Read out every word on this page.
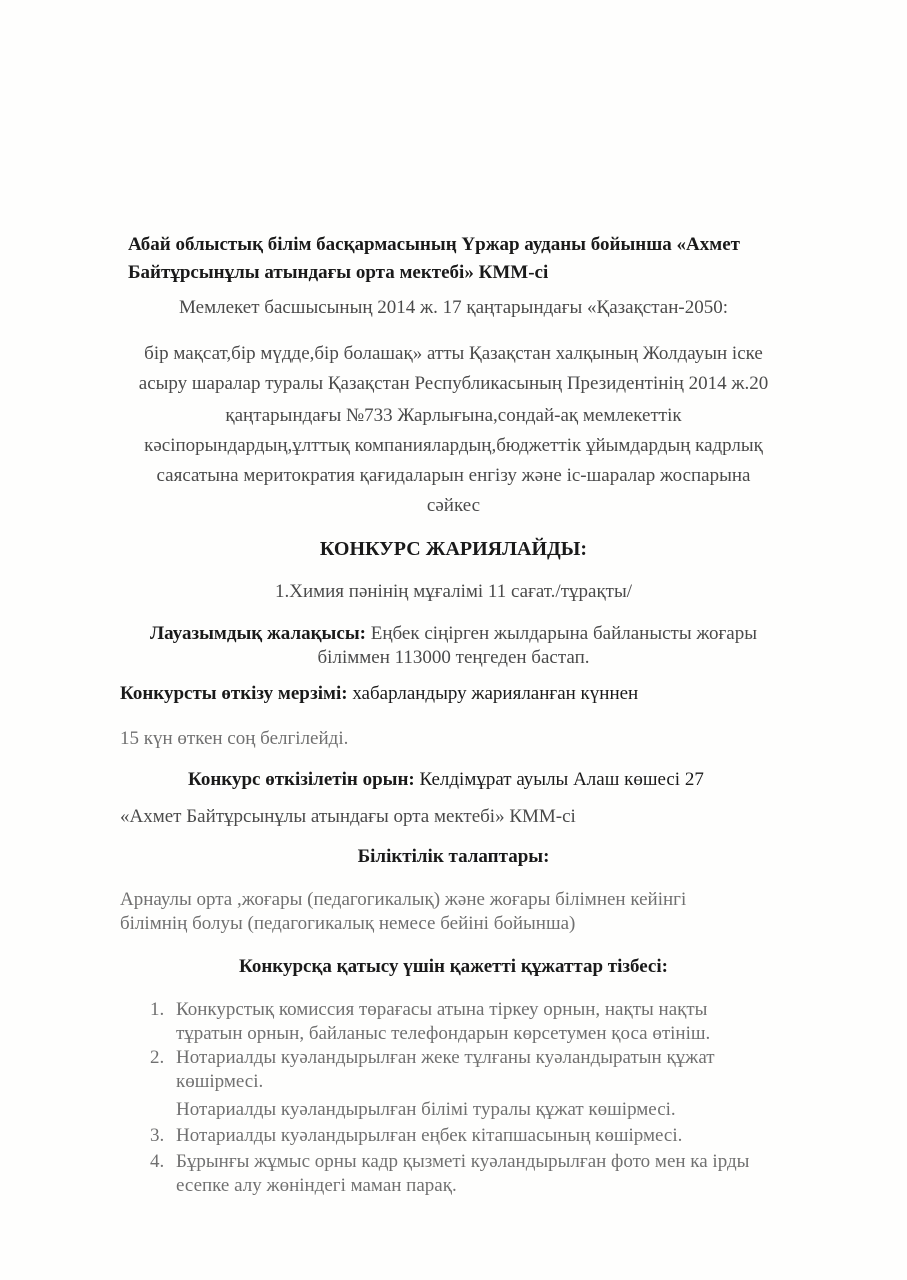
Абай облыстық білім басқармасының Үржар ауданы бойынша «Ахмет
Байтұрсынұлы атындағы орта мектебі» КММ-сі
Мемлекет басшысының 2014 ж. 17 қаңтарындағы «Қазақстан-2050:
бір мақсат,бір мүдде,бір болашақ» атты Қазақстан халқының Жолдауын іске
асыру шаралар туралы Қазақстан Республикасының Президентінің 2014 ж.20
қаңтарындағы №733 Жарлығына,сондай-ақ мемлекеттік
кәсіпорындардың,ұлттық компаниялардың,бюджеттік ұйымдардың кадрлық
саясатына меритократия қағидаларын енгізу және іс-шаралар жоспарына
сәйкес
КОНКУРС ЖАРИЯЛАЙДЫ:
1.Химия пәнінің мұғалімі 11 сағат./тұрақты/
Лауазымдық жалақысы: Еңбек сіңірген жылдарына байланысты жоғары
біліммен 113000 теңгеден бастап.
Конкурсты өткізу мерзімі: хабарландыру жарияланған күннен
15 күн өткен соң белгілейді.
Конкурс өткізілетін орын: Келдімұрат ауылы Алаш көшесі 27
«Ахмет Байтұрсынұлы атындағы орта мектебі» КММ-сі
Біліктілік талаптары:
Арнаулы орта ,жоғары (педагогикалық) және жоғары білімнен кейінгі
білімнің болуы (педагогикалық немесе бейіні бойынша)
Конкурсқа қатысу үшін қажетті құжаттар тізбесі:
1. Конкурстық комиссия төрағасы атына тіркеу орнын, нақты нақты
тұратын орнын, байланыс телефондарын көрсетумен қоса өтініш.
2. Нотариалды куәландырылған жеке тұлғаны куәландыратын құжат
көшірмесі.
Нотариалды куәландырылған білімі туралы құжат көшірмесі.
3. Нотариалды куәландырылған еңбек кітапшасының көшірмесі.
4. Бұрынғы жұмыс орны кадр қызметі куәландырылған фото мен ка ірды
есепке алу жөніндегі маман парақ.
